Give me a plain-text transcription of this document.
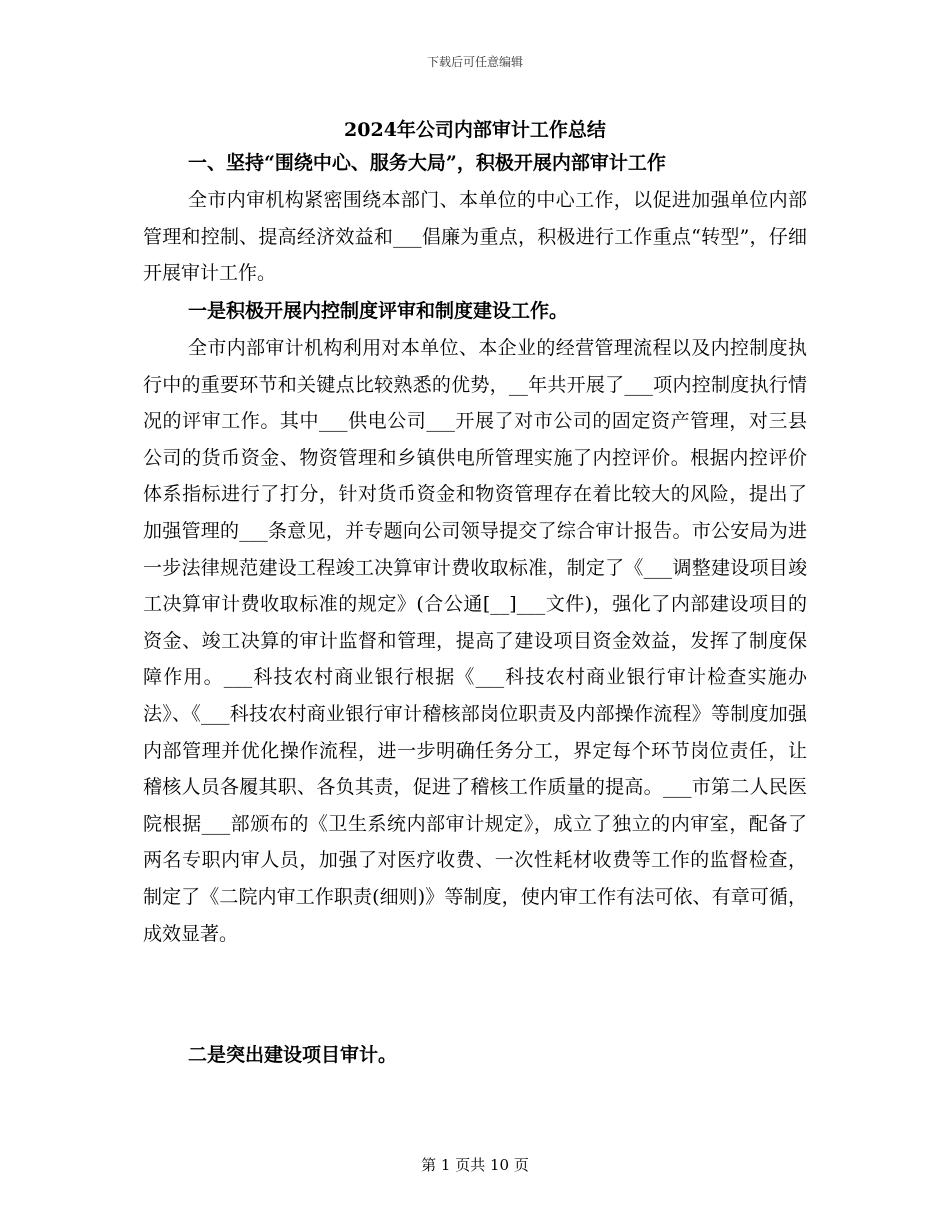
下载后可任意编辑
2024年公司内部审计工作总结
一、坚持“围绕中心、服务大局”，积极开展内部审计工作

全市内审机构紧密围绕本部门、本单位的中心工作，以促进加强单位内部管理和控制、提高经济效益和___倡廉为重点，积极进行工作重点“转型”，仔细开展审计工作。

一是积极开展内控制度评审和制度建设工作。

全市内部审计机构利用对本单位、本企业的经营管理流程以及内控制度执行中的重要环节和关键点比较熟悉的优势，__年共开展了___项内控制度执行情况的评审工作。其中___供电公司___开展了对市公司的固定资产管理，对三县公司的货币资金、物资管理和乡镇供电所管理实施了内控评价。根据内控评价体系指标进行了打分，针对货币资金和物资管理存在着比较大的风险，提出了加强管理的___条意见，并专题向公司领导提交了综合审计报告。市公安局为进一步法律规范建设工程竣工决算审计费收取标准，制定了《___调整建设项目竣工决算审计费收取标准的规定》(合公通[__]___文件)，强化了内部建设项目的资金、竣工决算的审计监督和管理，提高了建设项目资金效益，发挥了制度保障作用。___科技农村商业银行根据《___科技农村商业银行审计检查实施办法》、《___科技农村商业银行审计稽核部岗位职责及内部操作流程》等制度加强内部管理并优化操作流程，进一步明确任务分工，界定每个环节岗位责任，让稽核人员各履其职、各负其责，促进了稽核工作质量的提高。___市第二人民医院根据___部颁布的《卫生系统内部审计规定》，成立了独立的内审室，配备了两名专职内审人员，加强了对医疗收费、一次性耗材收费等工作的监督检查，制定了《二院内审工作职责(细则)》等制度，使内审工作有法可依、有章可循，成效显著。

二是突出建设项目审计。
第 1 页共 10 页
